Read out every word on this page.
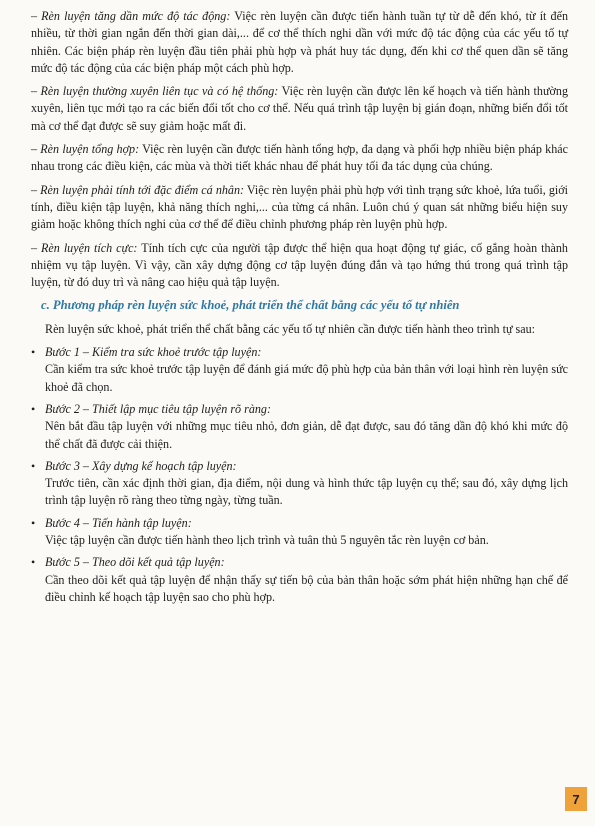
– Rèn luyện tăng dần mức độ tác động: Việc rèn luyện cần được tiến hành tuần tự từ dễ đến khó, từ ít đến nhiều, từ thời gian ngắn đến thời gian dài,... để cơ thể thích nghi dần với mức độ tác động của các yếu tố tự nhiên. Các biện pháp rèn luyện đầu tiên phải phù hợp và phát huy tác dụng, đến khi cơ thể quen dần sẽ tăng mức độ tác động của các biện pháp một cách phù hợp.

– Rèn luyện thường xuyên liên tục và có hệ thống: Việc rèn luyện cần được lên kế hoạch và tiến hành thường xuyên, liên tục mới tạo ra các biến đổi tốt cho cơ thể. Nếu quá trình tập luyện bị gián đoạn, những biến đổi tốt mà cơ thể đạt được sẽ suy giảm hoặc mất đi.

– Rèn luyện tổng hợp: Việc rèn luyện cần được tiến hành tổng hợp, đa dạng và phối hợp nhiều biện pháp khác nhau trong các điều kiện, các mùa và thời tiết khác nhau để phát huy tối đa tác dụng của chúng.

– Rèn luyện phải tính tới đặc điểm cá nhân: Việc rèn luyện phải phù hợp với tình trạng sức khoẻ, lứa tuổi, giới tính, điều kiện tập luyện, khả năng thích nghi,... của từng cá nhân. Luôn chú ý quan sát những biểu hiện suy giảm hoặc không thích nghi của cơ thể để điều chỉnh phương pháp rèn luyện phù hợp.

– Rèn luyện tích cực: Tính tích cực của người tập được thể hiện qua hoạt động tự giác, cố gắng hoàn thành nhiệm vụ tập luyện. Vì vậy, cần xây dựng động cơ tập luyện đúng đắn và tạo hứng thú trong quá trình tập luyện, từ đó duy trì và nâng cao hiệu quả tập luyện.

c. Phương pháp rèn luyện sức khoẻ, phát triển thể chất bằng các yếu tố tự nhiên

Rèn luyện sức khoẻ, phát triển thể chất bằng các yếu tố tự nhiên cần được tiến hành theo trình tự sau:

• Bước 1 – Kiểm tra sức khoẻ trước tập luyện:
Cần kiểm tra sức khoẻ trước tập luyện để đánh giá mức độ phù hợp của bản thân với loại hình rèn luyện sức khoẻ đã chọn.
• Bước 2 – Thiết lập mục tiêu tập luyện rõ ràng:
Nên bắt đầu tập luyện với những mục tiêu nhỏ, đơn giản, dễ đạt được, sau đó tăng dần độ khó khi mức độ thể chất đã được cải thiện.
• Bước 3 – Xây dựng kế hoạch tập luyện:
Trước tiên, cần xác định thời gian, địa điểm, nội dung và hình thức tập luyện cụ thể; sau đó, xây dựng lịch trình tập luyện rõ ràng theo từng ngày, từng tuần.
• Bước 4 – Tiến hành tập luyện:
Việc tập luyện cần được tiến hành theo lịch trình và tuân thủ 5 nguyên tắc rèn luyện cơ bản.
• Bước 5 – Theo dõi kết quả tập luyện:
Cần theo dõi kết quả tập luyện để nhận thấy sự tiến bộ của bản thân hoặc sớm phát hiện những hạn chế để điều chỉnh kế hoạch tập luyện sao cho phù hợp.
7
